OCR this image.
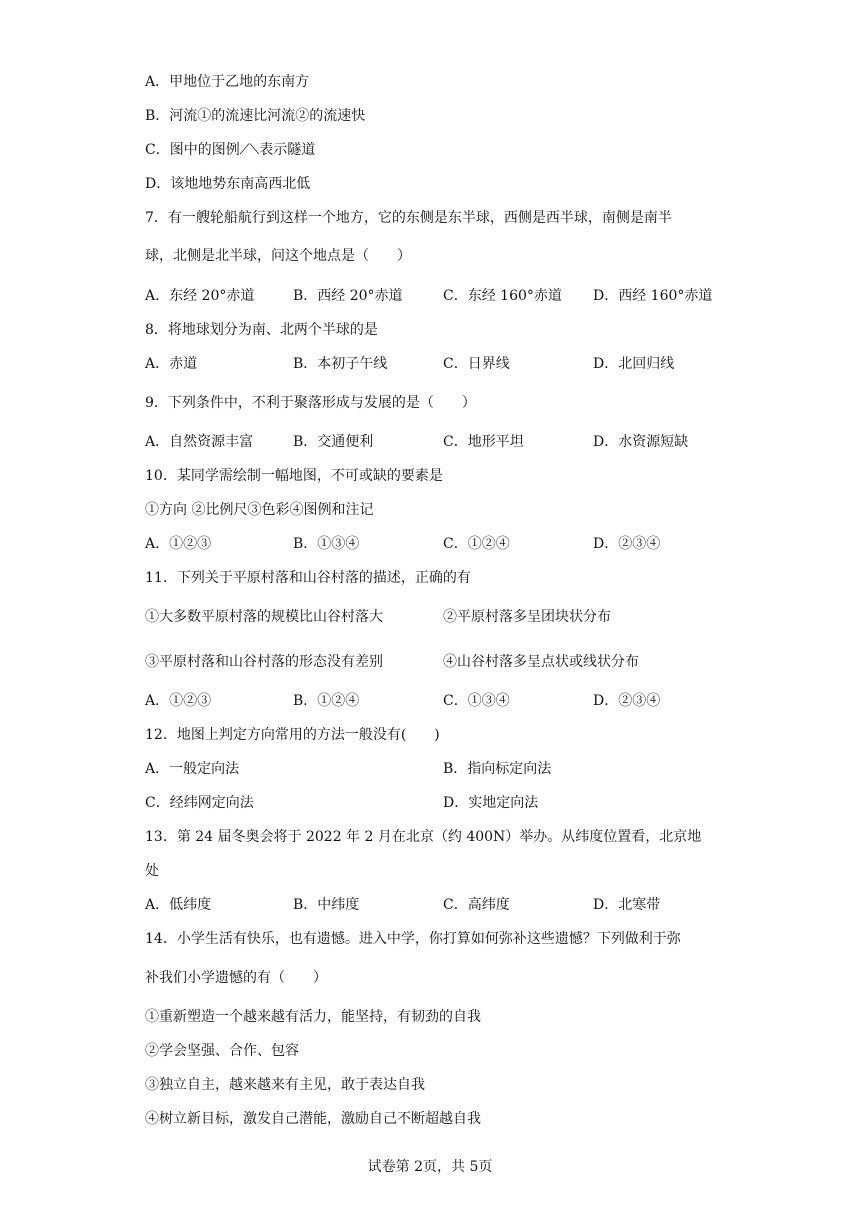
A．甲地位于乙地的东南方
B．河流①的流速比河流②的流速快
C．图中的图例⟋⟍表示隧道
D．该地地势东南高西北低
7．有一艘轮船航行到这样一个地方，它的东侧是东半球，西侧是西半球，南侧是南半
球，北侧是北半球，问这个地点是（　　）
A．东经 20°赤道	B．西经 20°赤道	C．东经 160°赤道 D．西经 160°赤道
8．将地球划分为南、北两个半球的是
A．赤道	B．本初子午线	C．日界线	D．北回归线
9．下列条件中，不利于聚落形成与发展的是（　　）
A．自然资源丰富	B．交通便利	C．地形平坦	D．水资源短缺
10．某同学需绘制一幅地图，不可或缺的要素是
①方向 ②比例尺③色彩④图例和注记
A．①②③	B．①③④	C．①②④	D．②③④
11．下列关于平原村落和山谷村落的描述，正确的有
①大多数平原村落的规模比山谷村落大	②平原村落多呈团块状分布
③平原村落和山谷村落的形态没有差别	④山谷村落多呈点状或线状分布
A．①②③	B．①②④	C．①③④	D．②③④
12．地图上判定方向常用的方法一般没有(　　)
A．一般定向法	B．指向标定向法
C．经纬网定向法	D．实地定向法
13．第 24 届冬奥会将于 2022 年 2 月在北京（约 400N）举办。从纬度位置看，北京地
处
A．低纬度	B．中纬度	C．高纬度	D．北寒带
14．小学生活有快乐，也有遗憾。进入中学，你打算如何弥补这些遗憾？下列做利于弥
补我们小学遗憾的有（　　）
①重新塑造一个越来越有活力，能坚持，有韧劲的自我
②学会坚强、合作、包容
③独立自主，越来越来有主见，敢于表达自我
④树立新目标，激发自己潜能，激励自己不断超越自我
试卷第 2页，共 5页
